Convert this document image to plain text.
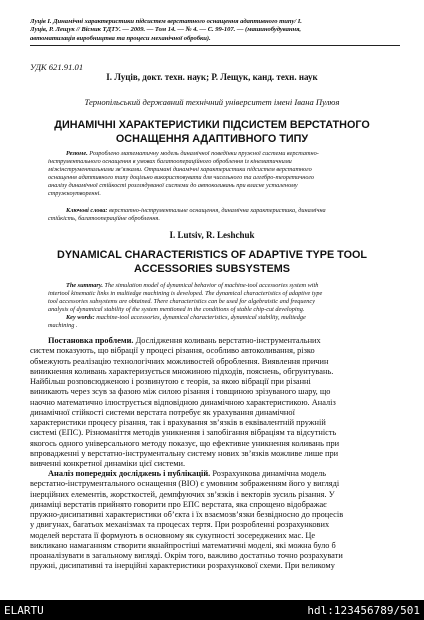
Луців І. Динамічні характеристики підсистем верстатного оснащення адаптивного типу/ І.
Луців, Р. Лещук // Вісник ТДТУ. — 2009. — Том 14. — № 4. — С. 99-107. — (машинобудування,
автоматизація виробництва та процеси механічної обробки).
УДК 621.91.01
І. Луців, докт. техн. наук; Р. Лещук, канд. техн. наук
Тернопільський державний технічний університет імені Івана Пулюя
ДИНАМІЧНІ ХАРАКТЕРИСТИКИ ПІДСИСТЕМ ВЕРСТАТНОГО
ОСНАЩЕННЯ АДАПТИВНОГО ТИПУ
Резюме. Розроблено математичну модель динамічної поведінки пружної системи верстатно-
інструментального оснащення в умовах багатоопераційного оброблення із кінематичними
міжінструментальними зв’язками. Отримані динамічні характеристики підсистем верстатного
оснащення адаптивного типу доцільно використовувати для чисельного та алгебро-теоретичного
аналізу динамічної стійкості розглядуваної системи до автоколивань при власне усталеному
стружкоутворенні.
Ключові слова: верстатно-інструментальне оснащення, динамічна характеристика, динамічна
стійкість, багатоопераційне оброблення.
I. Lutsiv, R. Leshchuk
DYNAMICAL CHARACTERISTICS OF ADAPTIVE TYPE TOOL
ACCESSORIES SUBSYSTEMS
The summary. The simulation model of dynamical behavior of machine-tool accessories system with
intertool kinematic links in multiedge machining is developed. The dynamical characteristics of adaptive type
tool accessories subsystems are obtained. There characteristics can be used for algebraistic and frequency
analysis of dynamical stability of the system mentioned in the conditions of stable chip-cut developing.
Key words: machine-tool accessories, dynamical characteristics, dynamical stability, multiedge
machining .
Постановка проблеми. Дослідження коливань верстатно-інструментальних
систем показують, що вібрації у процесі різання, особливо автоколивання, різко
обмежують реалізацію технологічних можливостей оброблення. Виявлення причин
виникнення коливань характеризується множиною підходів, пояснень, обгрунтувань.
Найбільш розповсюдженою і розвинутою є теорія, за якою вібрації при різанні
виникають через зсув за фазою між силою різання і товщиною зрізуваного шару, що
наочно математично ілюструється відповідною динамічною характеристикою. Аналіз
динамічної стійкості системи верстата потребує як урахування динамічної
характеристики процесу різання, так і врахування зв’язків в еквівалентній пружній
системі (ЕПС). Різноманіття методів уникнення і запобігання вібраціям та відсутність
якогось одного універсального методу показує, що ефективне уникнення коливань при
впровадженні у верстатно-інструментальну систему нових зв’язків можливе лише при
вивченні конкретної динаміки цієї системи.
Аналіз попередніх досліджень і публікацій. Розрахункова динамічна модель
верстатно-інструментального оснащення (ВІО) є умовним зображенням його у вигляді
інерційних елементів, жорсткостей, демпфуючих зв’язків і векторів зусиль різання. У
динаміці верстатів прийнято говорити про ЕПС верстата, яка спрощено відображає
пружно-дисипативні характеристики об’єкта і їх взаємозв’язки безвідносно до процесів
у двигунах, багатьох механізмах та процесах тертя. При розробленні розрахункових
моделей верстата її формують в основному як сукупності зосереджених мас. Це
викликано намаганням створити якнайпростіші математичні моделі, які можна було б
проаналізувати в загальному вигляді. Окрім того, важливо достатньо точно розрахувати
пружні, дисипативні та інерційні характеристики розрахункової схеми. При великому
ELARTU	hdl:123456789/501
